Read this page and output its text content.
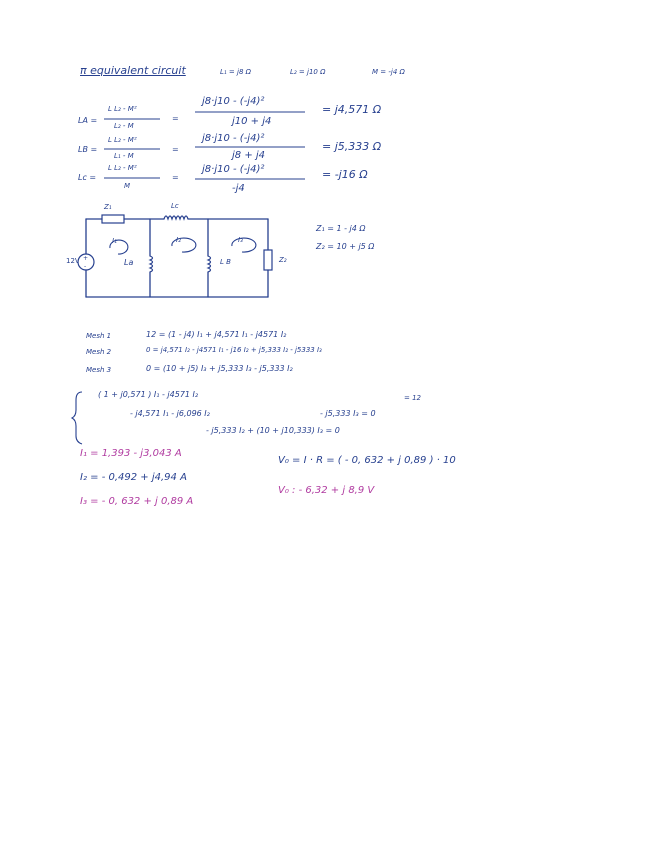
π equivalent circuit	L₁ = j8 Ω	L₂ = j10 Ω	M = -j4 Ω
LA =
L L₂ - M²
L₂ - M
=
j8·j10 - (-j4)²
j10 + j4
= j4,571 Ω
LB =
L L₂ - M²
L₁ - M
=
j8·j10 - (-j4)²
j8 + j4
= j5,333 Ω
Lc =
L L₂ - M²
M
=
j8·j10 - (-j4)²
-j4
= -j16 Ω
+
-
Z₁	Lc
12V
I₁	I₂	I₃
La	L B	Z₂
Z₁ = 1 - j4 Ω
Z₂ = 10 + j5 Ω
Mesh 1	12 = (1 - j4) I₁ + j4,571 I₁ - j4571 I₂
Mesh 2	0 = j4,571 I₂ - j4571 I₁ - j16 I₂ + j5,333 I₂ - j5333 I₃
Mesh 3	0 = (10 + j5) I₃ + j5,333 I₃ - j5,333 I₂
( 1 + j0,571 ) I₁ - j4571 I₂	= 12
- j4,571 I₁ - j6,096 I₂	- j5,333 I₃ = 0
- j5,333 I₂ + (10 + j10,333) I₃ = 0
I₁ = 1,393 - j3,043 A
I₂ = - 0,492 + j4,94 A
I₃ = - 0, 632 + j 0,89 A
V₀ = I · R = ( - 0, 632 + j 0,89 ) · 10
V₀ : - 6,32 + j 8,9 V
